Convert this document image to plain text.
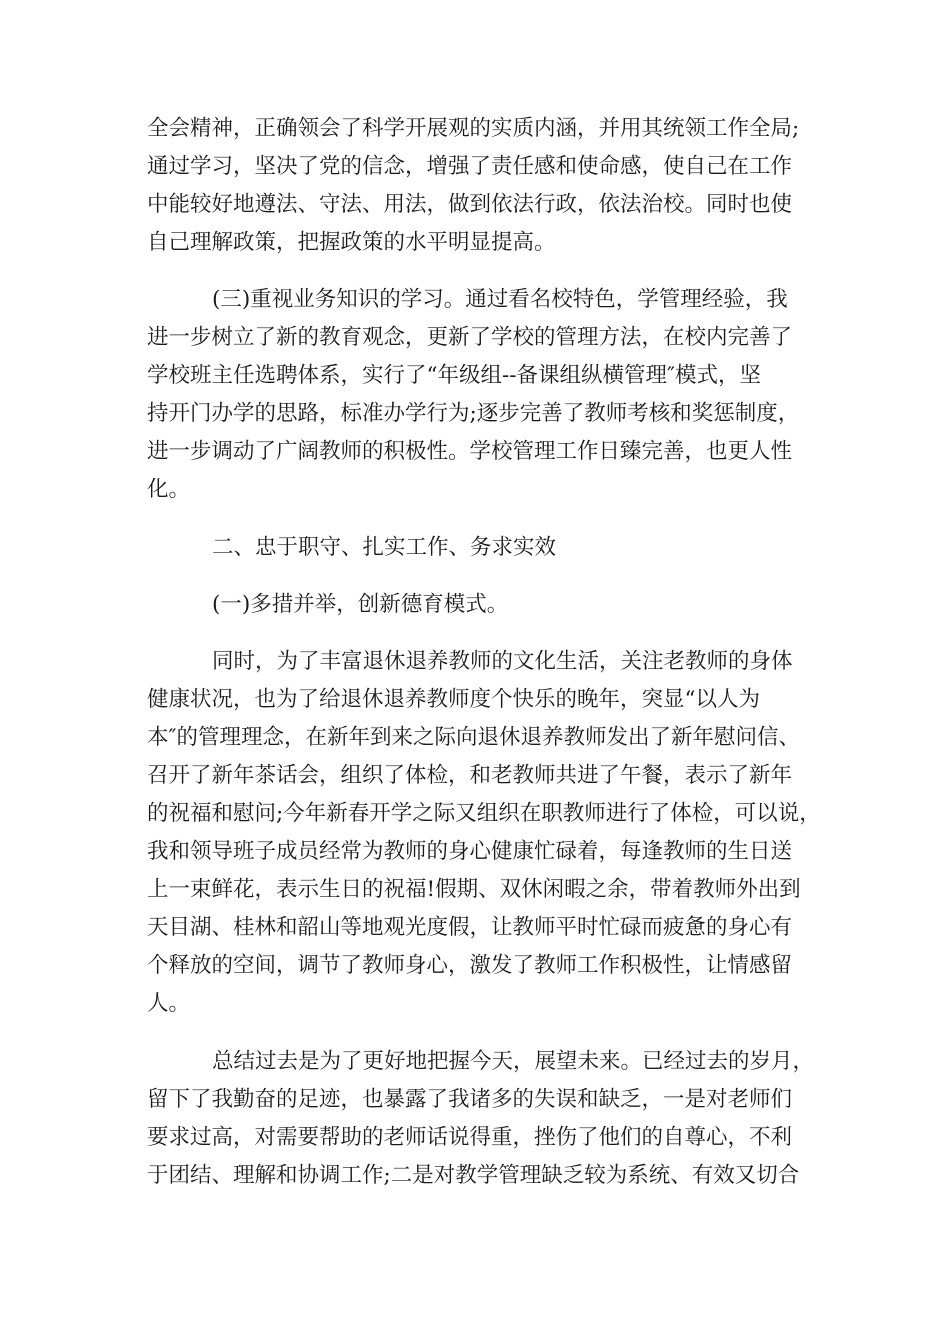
全会精神，正确领会了科学开展观的实质内涵，并用其统领工作全局;
通过学习，坚决了党的信念，增强了责任感和使命感，使自己在工作
中能较好地遵法、守法、用法，做到依法行政，依法治校。同时也使
自己理解政策，把握政策的水平明显提高。
(三)重视业务知识的学习。通过看名校特色，学管理经验，我
进一步树立了新的教育观念，更新了学校的管理方法，在校内完善了
学校班主任选聘体系，实行了“年级组--备课组纵横管理″模式，坚
持开门办学的思路，标准办学行为;逐步完善了教师考核和奖惩制度，
进一步调动了广阔教师的积极性。学校管理工作日臻完善，也更人性
化。
二、忠于职守、扎实工作、务求实效
(一)多措并举，创新德育模式。
同时，为了丰富退休退养教师的文化生活，关注老教师的身体
健康状况，也为了给退休退养教师度个快乐的晚年，突显“以人为
本″的管理理念，在新年到来之际向退休退养教师发出了新年慰问信、
召开了新年茶话会，组织了体检，和老教师共进了午餐，表示了新年
的祝福和慰问;今年新春开学之际又组织在职教师进行了体检，可以说，
我和领导班子成员经常为教师的身心健康忙碌着，每逢教师的生日送
上一束鲜花，表示生日的祝福!假期、双休闲暇之余，带着教师外出到
天目湖、桂林和韶山等地观光度假，让教师平时忙碌而疲惫的身心有
个释放的空间，调节了教师身心，激发了教师工作积极性，让情感留
人。
总结过去是为了更好地把握今天，展望未来。已经过去的岁月，
留下了我勤奋的足迹，也暴露了我诸多的失误和缺乏，一是对老师们
要求过高，对需要帮助的老师话说得重，挫伤了他们的自尊心，不利
于团结、理解和协调工作;二是对教学管理缺乏较为系统、有效又切合
